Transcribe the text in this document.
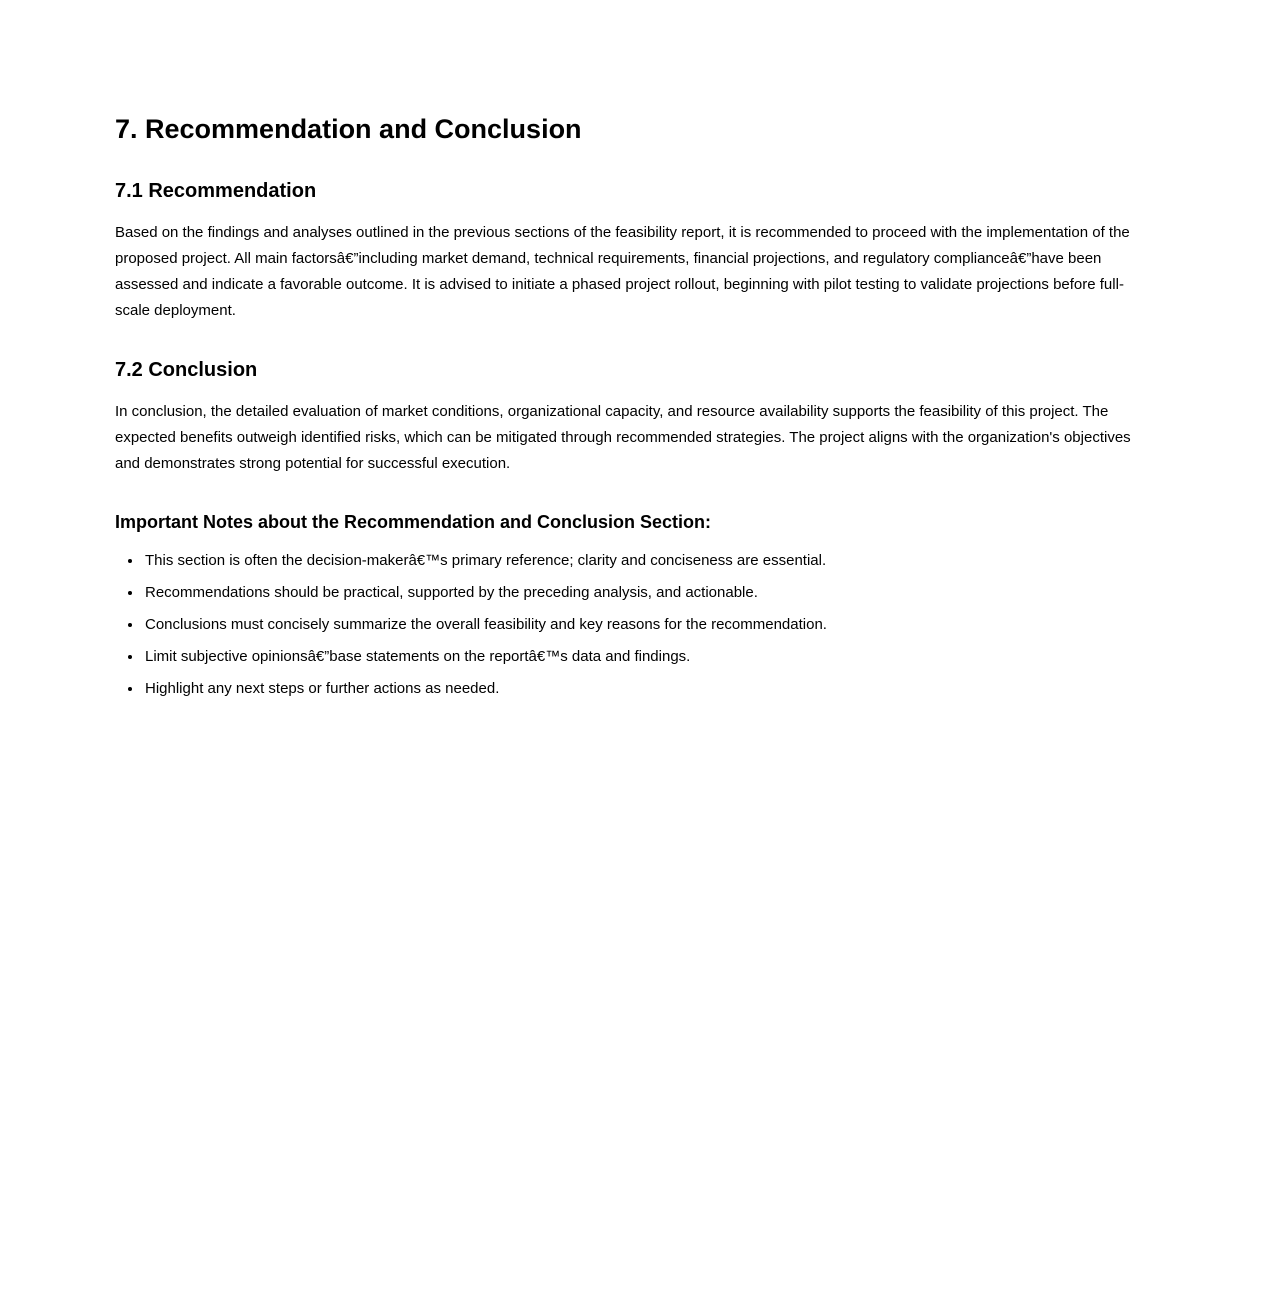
7. Recommendation and Conclusion
7.1 Recommendation

Based on the findings and analyses outlined in the previous sections of the feasibility report, it is recommended to proceed with the implementation of the proposed project. All main factorsâ€”including market demand, technical requirements, financial projections, and regulatory complianceâ€”have been assessed and indicate a favorable outcome. It is advised to initiate a phased project rollout, beginning with pilot testing to validate projections before full-scale deployment.

7.2 Conclusion

In conclusion, the detailed evaluation of market conditions, organizational capacity, and resource availability supports the feasibility of this project. The expected benefits outweigh identified risks, which can be mitigated through recommended strategies. The project aligns with the organization's objectives and demonstrates strong potential for successful execution.

Important Notes about the Recommendation and Conclusion Section:
• This section is often the decision-makerâ€™s primary reference; clarity and conciseness are essential.
• Recommendations should be practical, supported by the preceding analysis, and actionable.
• Conclusions must concisely summarize the overall feasibility and key reasons for the recommendation.
• Limit subjective opinionsâ€”base statements on the reportâ€™s data and findings.
• Highlight any next steps or further actions as needed.
